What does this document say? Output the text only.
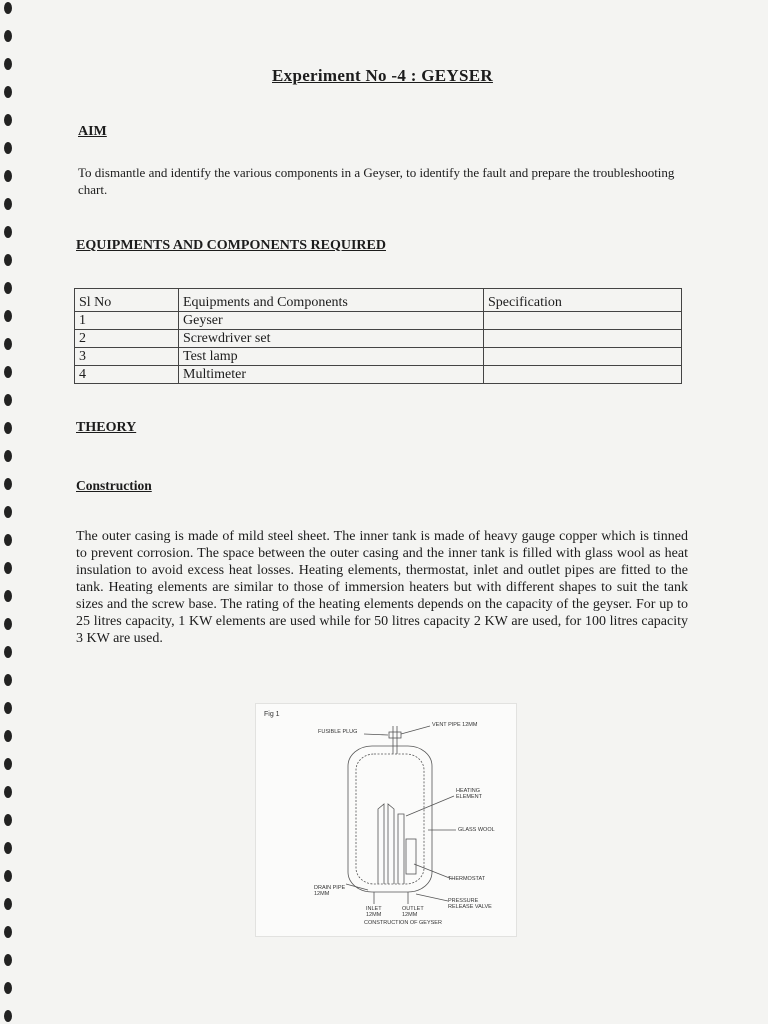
Experiment No -4 : GEYSER
AIM
To dismantle and identify the various components in a Geyser, to identify the fault and prepare the troubleshooting chart.
EQUIPMENTS AND COMPONENTS REQUIRED
Sl No	Equipments and Components	Specification
1	Geyser	
2	Screwdriver set	
3	Test lamp	
4	Multimeter	
THEORY
Construction
The outer casing is made of mild steel sheet. The inner tank is made of heavy gauge copper which is tinned to prevent corrosion. The space between the outer casing and the inner tank is filled with glass wool as heat insulation to avoid excess heat losses. Heating elements, thermostat, inlet and outlet pipes are fitted to the tank. Heating elements are similar to those of immersion heaters but with different shapes to suit the tank sizes and the screw base. The rating of the heating elements depends on the capacity of the geyser. For up to 25 litres capacity, 1 KW elements are used while for 50 litres capacity 2 KW are used, for 100 litres capacity 3 KW are used.
Fig 1
FUSIBLE PLUG
VENT PIPE 12MM
HEATING ELEMENT
GLASS WOOL
THERMOSTAT
DRAIN PIPE 12MM
INLET 12MM
OUTLET 12MM
PRESSURE RELEASE VALVE
CONSTRUCTION OF GEYSER
